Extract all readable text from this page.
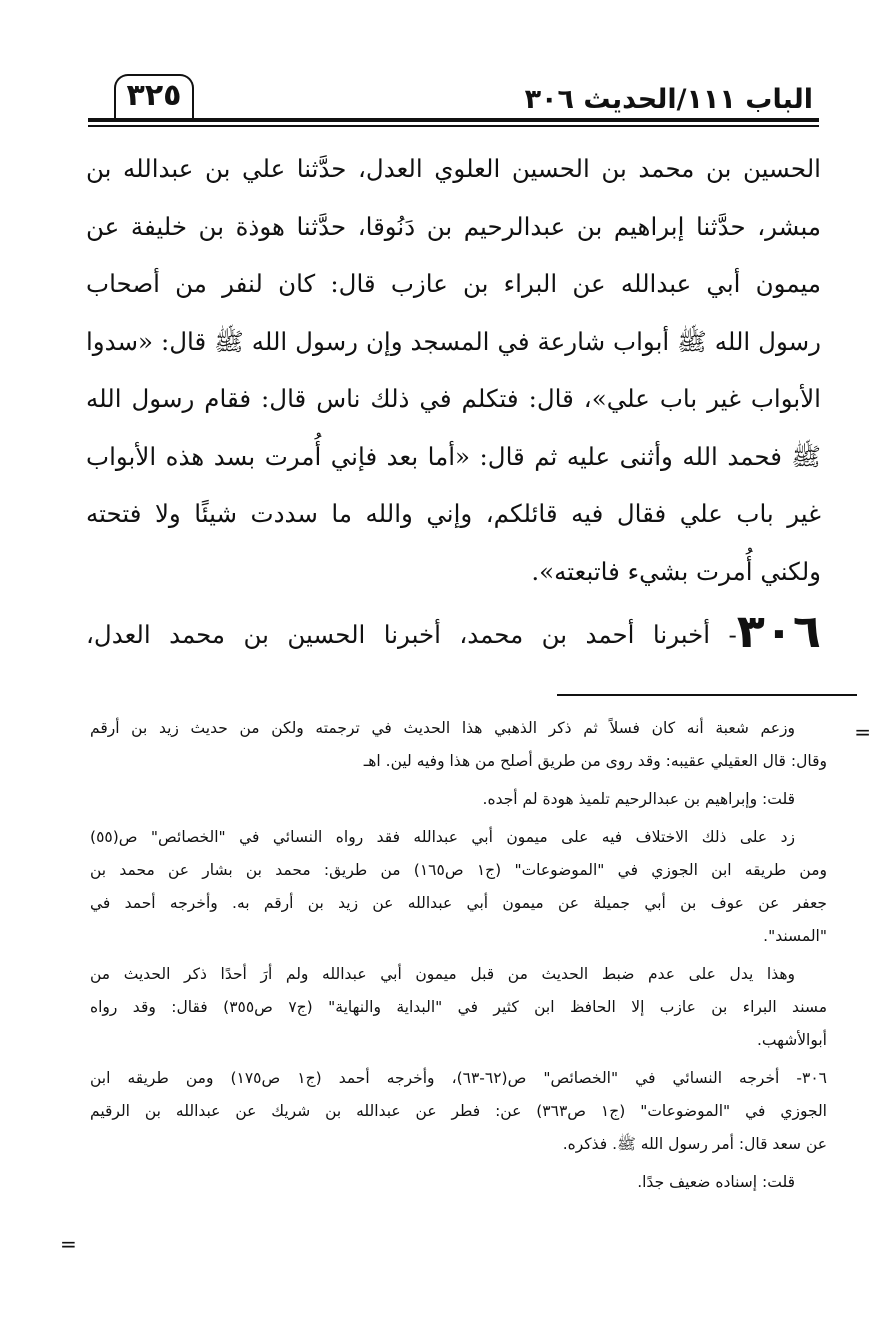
الباب ١١١/الحديث ٣٠٦
٣٢٥
الحسين بن محمد بن الحسين العلوي العدل، حدَّثنا علي بن عبدالله بن
مبشر، حدَّثنا إبراهيم بن عبدالرحيم بن دَنُوقا، حدَّثنا هوذة بن خليفة عن
ميمون أبي عبدالله عن البراء بن عازب قال: كان لنفر من أصحاب
رسول الله ﷺ أبواب شارعة في المسجد وإن رسول الله ﷺ قال: «سدوا
الأبواب غير باب علي»، قال: فتكلم في ذلك ناس قال: فقام رسول الله
ﷺ فحمد الله وأثنى عليه ثم قال: «أما بعد فإني أُمرت بسد هذه الأبواب
غير باب علي فقال فيه قائلكم، وإني والله ما سددت شيئًا ولا فتحته
ولكني أُمرت بشيء فاتبعته».
٣٠٦- أخبرنا أحمد بن محمد، أخبرنا الحسين بن محمد العدل،
=
وزعم شعبة أنه كان فسلاً ثم ذكر الذهبي هذا الحديث في ترجمته ولكن من حديث زيد بن أرقم
وقال: قال العقيلي عقيبه: وقد روى من طريق أصلح من هذا وفيه لين. اهـ
قلت: وإبراهيم بن عبدالرحيم تلميذ هودة لم أجده.
زد على ذلك الاختلاف فيه على ميمون أبي عبدالله فقد رواه النسائي في "الخصائص" ص(٥٥)
ومن طريقه ابن الجوزي في "الموضوعات" (ج١ ص١٦٥) من طريق: محمد بن بشار عن محمد بن
جعفر عن عوف بن أبي جميلة عن ميمون أبي عبدالله عن زيد بن أرقم به. وأخرجه أحمد في
"المسند".
وهذا يدل على عدم ضبط الحديث من قبل ميمون أبي عبدالله ولم أرَ أحدًا ذكر الحديث من
مسند البراء بن عازب إلا الحافظ ابن كثير في "البداية والنهاية" (ج٧ ص٣٥٥) فقال: وقد رواه
أبوالأشهب.
٣٠٦- أخرجه النسائي في "الخصائص" ص(٦٢-٦٣)، وأخرجه أحمد (ج١ ص١٧٥) ومن طريقه ابن
الجوزي في "الموضوعات" (ج١ ص٣٦٣) عن: فطر عن عبدالله بن شريك عن عبدالله بن الرقيم
عن سعد قال: أمر رسول الله ﷺ. فذكره.
قلت: إسناده ضعيف جدًا.
=
